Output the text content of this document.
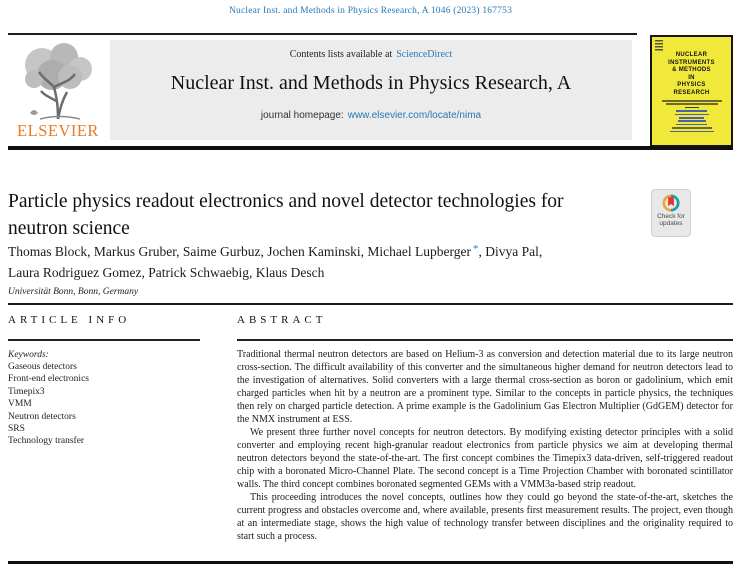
Nuclear Inst. and Methods in Physics Research, A 1046 (2023) 167753
ELSEVIER
Contents lists available at ScienceDirect
Nuclear Inst. and Methods in Physics Research, A
journal homepage: www.elsevier.com/locate/nima
NUCLEAR
INSTRUMENTS
& METHODS
IN
PHYSICS
RESEARCH
Particle physics readout electronics and novel detector technologies for
neutron science
Check for
updates
Thomas Block, Markus Gruber, Saime Gurbuz, Jochen Kaminski, Michael Lupberger *, Divya Pal,
Laura Rodriguez Gomez, Patrick Schwaebig, Klaus Desch
Universität Bonn, Bonn, Germany
ARTICLE INFO
Keywords:
Gaseous detectors
Front-end electronics
Timepix3
VMM
Neutron detectors
SRS
Technology transfer
ABSTRACT

Traditional thermal neutron detectors are based on Helium-3 as conversion and detection material due to its large neutron cross-section. The difficult availability of this converter and the simultaneous higher demand for neutron detectors lead to the investigation of alternatives. Solid converters with a large thermal cross-section as boron or gadolinium, which emit charged particles when hit by a neutron are a prominent type. Similar to the concepts in particle physics, the techniques then rely on charged particle detection. A prime example is the Gadolinium Gas Electron Multiplier (GdGEM) detector for the NMX instrument at ESS.

We present three further novel concepts for neutron detectors. By modifying existing detector principles with a solid converter and employing recent high-granular readout electronics from particle physics we aim at developing thermal neutron detectors beyond the state-of-the-art. The first concept combines the Timepix3 data-driven, self-triggered readout chip with a boronated Micro-Channel Plate. The second concept is a Time Projection Chamber with boronated scintillator walls. The third concept combines boronated segmented GEMs with a VMM3a-based strip readout.

This proceeding introduces the novel concepts, outlines how they could go beyond the state-of-the-art, sketches the current progress and obstacles overcome and, where available, presents first measurement results. The project, even though at an intermediate stage, shows the high value of technology transfer between disciplines and the originality required to start such a process.
